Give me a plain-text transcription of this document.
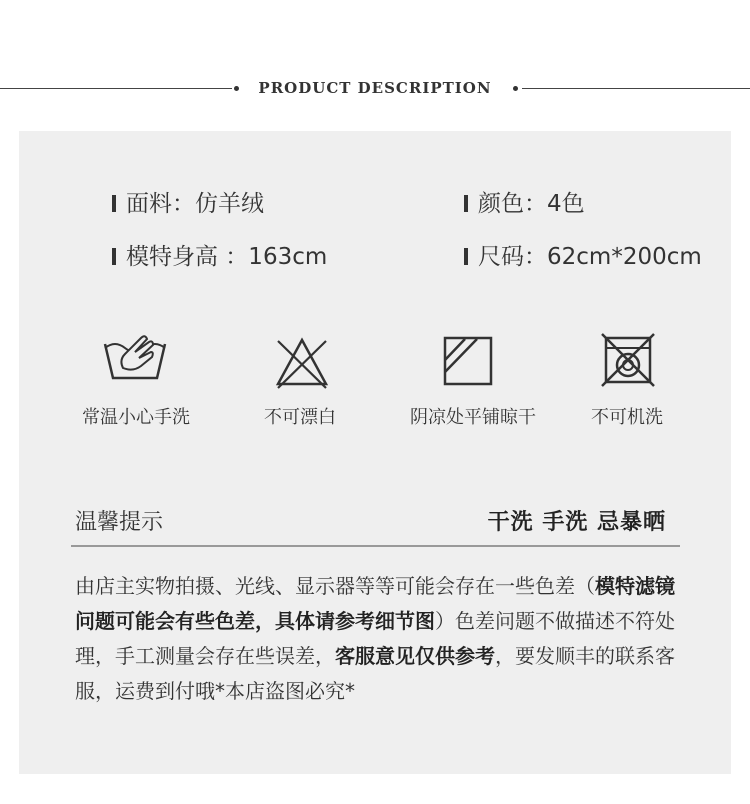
PRODUCT DESCRIPTION
面料：仿羊绒	颜色：4色
模特身高 ：163cm	尺码：62cm*200cm
常温小心手洗	不可漂白	阴凉处平铺晾干	不可机洗
温馨提示	干洗 手洗 忌暴晒
由店主实物拍摄、光线、显示器等等可能会存在一些色差（模特滤镜问题可能会有些色差，具体请参考细节图）色差问题不做描述不符处理，手工测量会存在些误差，客服意见仅供参考，要发顺丰的联系客服，运费到付哦*本店盗图必究*
